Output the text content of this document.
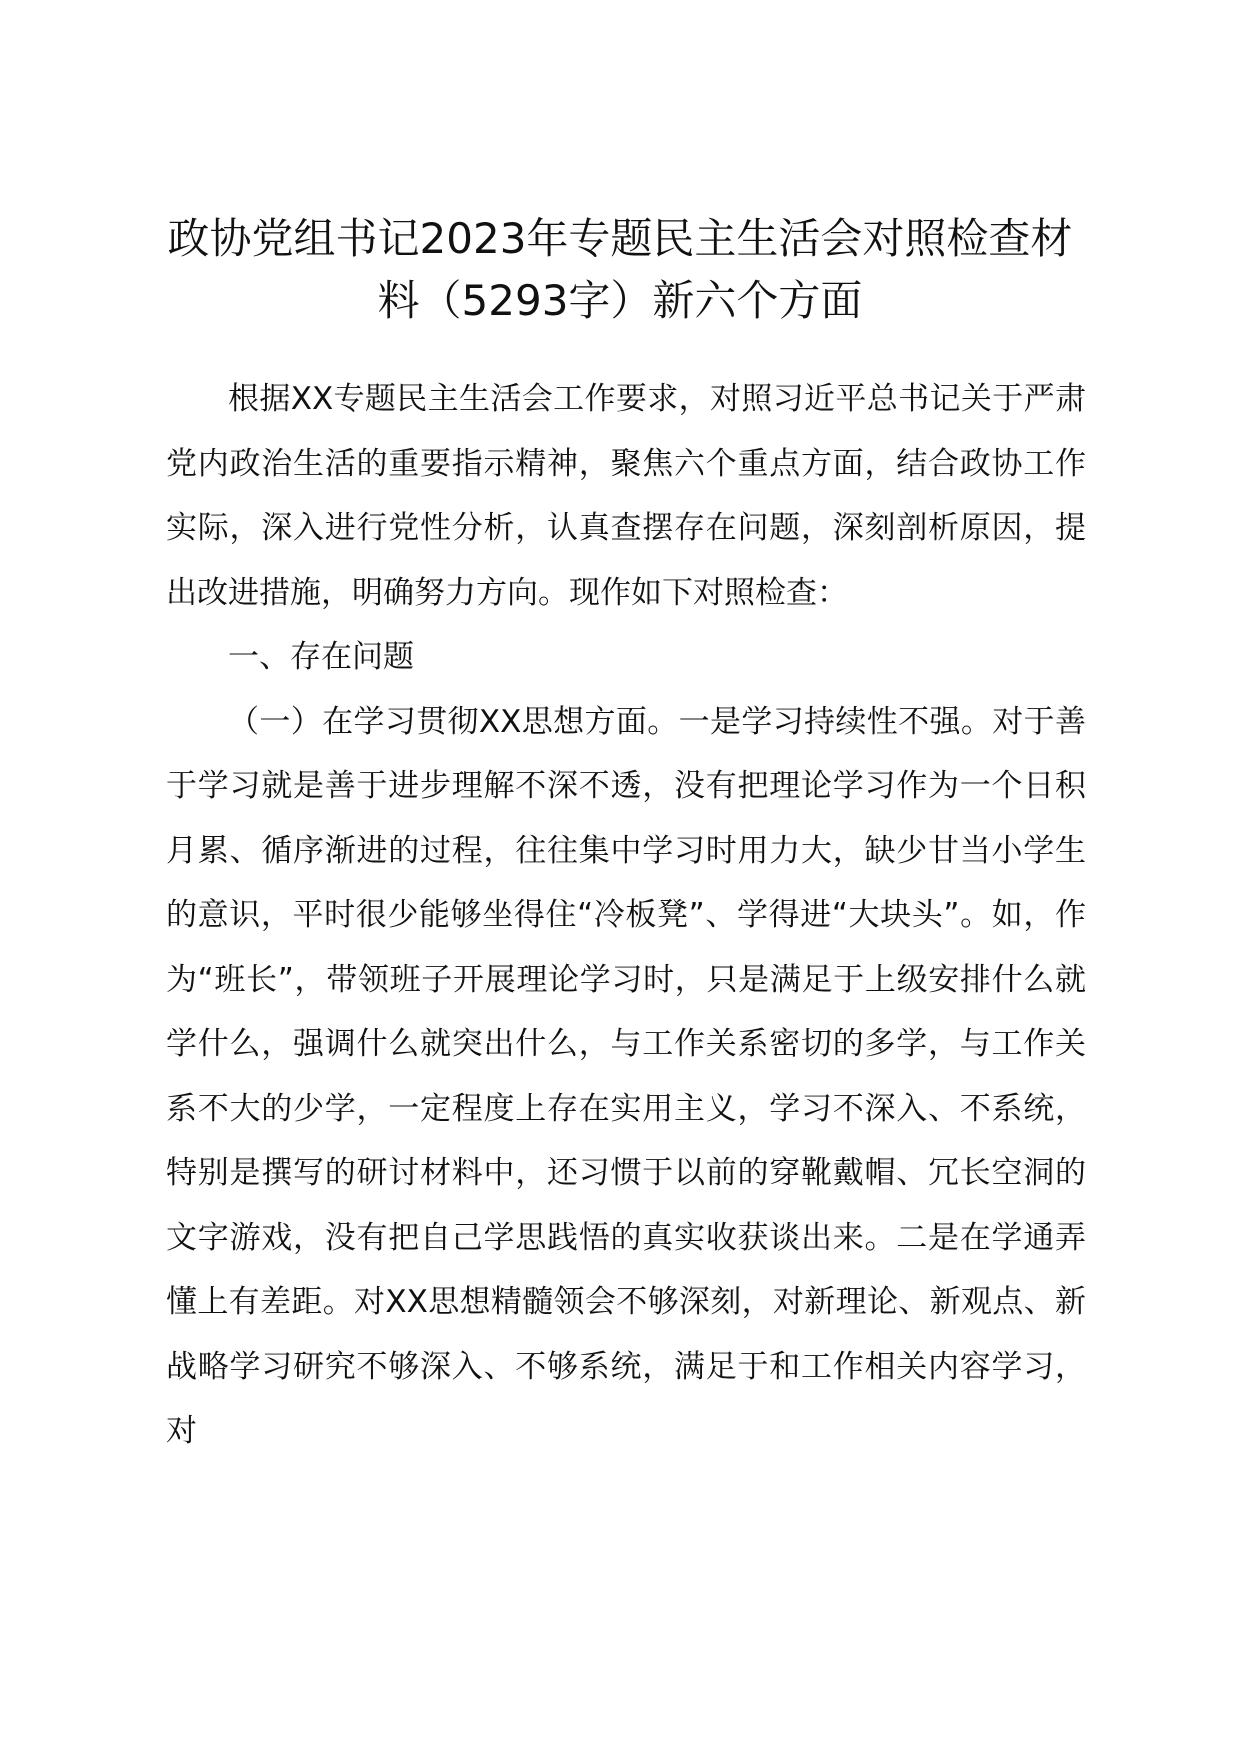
政协党组书记2023年专题民主生活会对照检查材料（5293字）新六个方面

根据XX专题民主生活会工作要求，对照习近平总书记关于严肃党内政治生活的重要指示精神，聚焦六个重点方面，结合政协工作实际，深入进行党性分析，认真查摆存在问题，深刻剖析原因，提出改进措施，明确努力方向。现作如下对照检查：

一、存在问题

（一）在学习贯彻XX思想方面。一是学习持续性不强。对于善于学习就是善于进步理解不深不透，没有把理论学习作为一个日积月累、循序渐进的过程，往往集中学习时用力大，缺少甘当小学生的意识，平时很少能够坐得住“冷板凳”、学得进“大块头”。如，作为“班长”，带领班子开展理论学习时，只是满足于上级安排什么就学什么，强调什么就突出什么，与工作关系密切的多学，与工作关系不大的少学，一定程度上存在实用主义，学习不深入、不系统，特别是撰写的研讨材料中，还习惯于以前的穿靴戴帽、冗长空洞的文字游戏，没有把自己学思践悟的真实收获谈出来。二是在学通弄懂上有差距。对XX思想精髓领会不够深刻，对新理论、新观点、新战略学习研究不够深入、不够系统，满足于和工作相关内容学习，对
